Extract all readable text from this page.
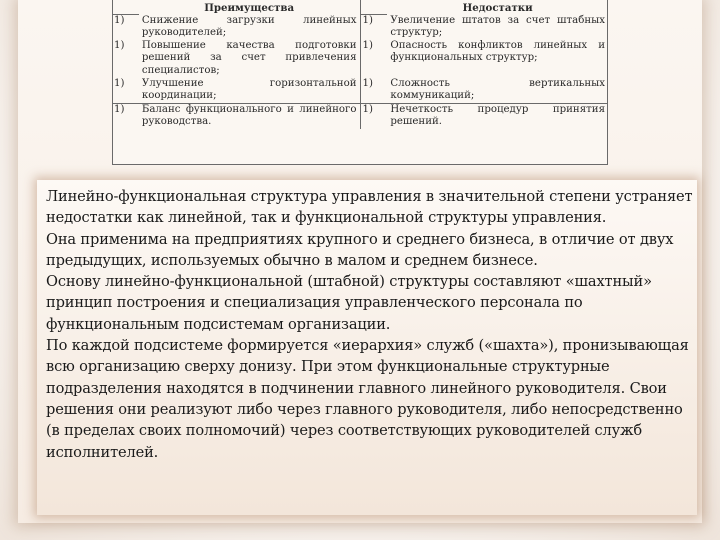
	Преимущества		Недостатки
1)	Снижение загрузки линейных руководителей;	1)	Увеличение штатов за счет штабных структур;
1)	Повышение качества подготовки решений за счет привлечения специалистов;	1)	Опасность конфликтов линейных и функциональных структур;
1)	Улучшение горизонтальной координации;	1)	Сложность вертикальных коммуникаций;
1)	Баланс функционального и линейного руководства.	1)	Нечеткость процедур принятия решений.

Линейно-функциональная структура управления в значительной степени устраняет недостатки как линейной, так и функциональной структуры управления.

Она применима на предприятиях крупного и среднего бизнеса, в отличие от двух предыдущих, используемых обычно в малом и среднем бизнесе.

Основу линейно-функциональной (штабной) структуры составляют «шахтный» принцип построения и специализация управленческого персонала по функциональным подсистемам организации.

По каждой подсистеме формируется «иерархия» служб («шахта»), пронизывающая всю организацию сверху донизу. При этом функциональные структурные подразделения находятся в подчинении главного линейного руководителя. Свои решения они реализуют либо через главного руководителя, либо непосредственно (в пределах своих полномочий) через соответствующих руководителей служб исполнителей.
